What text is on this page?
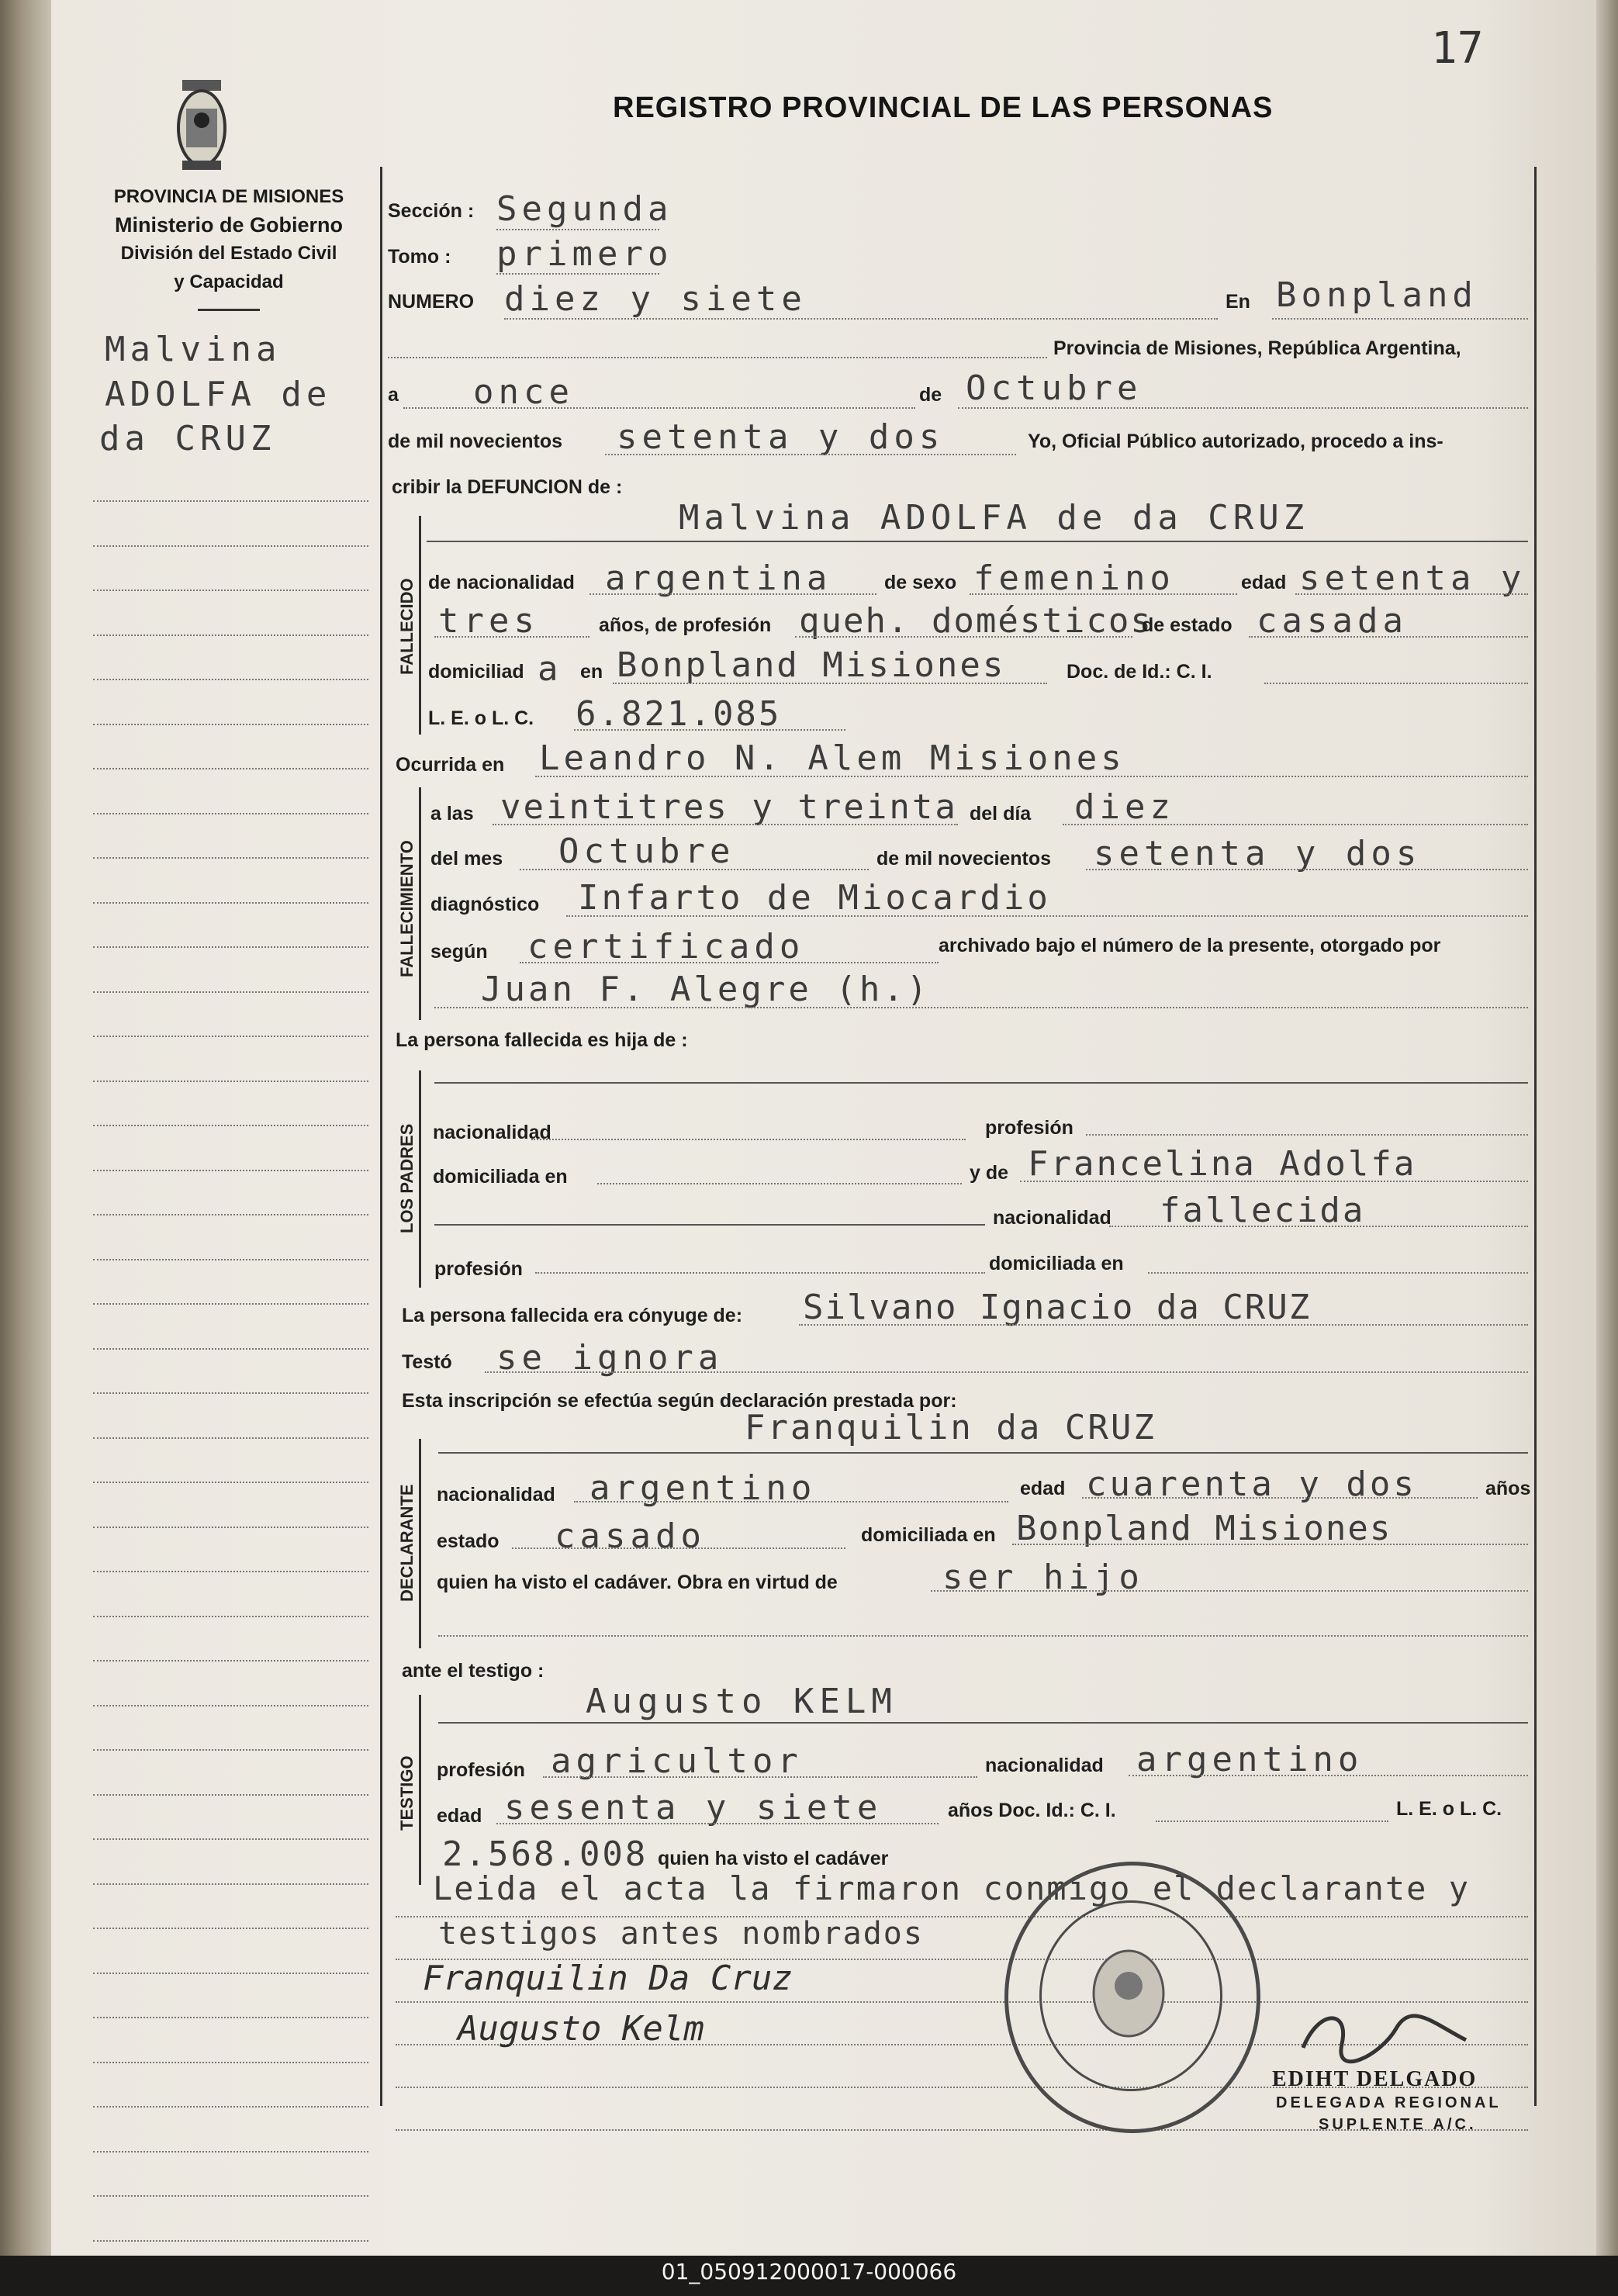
17
PROVINCIA DE MISIONES
Ministerio de Gobierno
División del Estado Civil
y Capacidad
Malvina
ADOLFA de
da CRUZ
REGISTRO PROVINCIAL DE LAS PERSONAS
Sección : Segunda
Tomo : primero
NUMERO diez y siete	En Bonpland
Provincia de Misiones, República Argentina,
a once	de Octubre
de mil novecientos setenta y dos	Yo, Oficial Público autorizado, procedo a ins-
cribir la DEFUNCION de :
FALLECIDO
Malvina ADOLFA de da CRUZ
de nacionalidad argentina	de sexo femenino	edad setenta y
tres	años, de profesión queh. domésticos
de estado casada
domiciliad a en Bonpland Misiones	Doc. de Id.: C. I.
L. E. o L. C. 6.821.085
Ocurrida en Leandro N. Alem Misiones
FALLECIMIENTO
a las veintitres y treinta del día diez
del mes Octubre	de mil novecientos setenta y dos
diagnóstico Infarto de Miocardio
según certificado	archivado bajo el número de la presente, otorgado por
Juan F. Alegre (h.)
La persona fallecida es hija de :
LOS PADRES nacionalidad	profesión
domiciliada en	y de Francelina Adolfa
nacionalidad fallecida
profesión	domiciliada en
La persona fallecida era cónyuge de: Silvano Ignacio da CRUZ
Testó se ignora
Esta inscripción se efectúa según declaración prestada por:
DECLARANTE
Franquilin da CRUZ
nacionalidad argentino	edad cuarenta y dos	años
estado casado	domiciliada en Bonpland Misiones
quien ha visto el cadáver. Obra en virtud de	ser hijo
ante el testigo :
TESTIGO
Augusto KELM
profesión agricultor	nacionalidad argentino
edad sesenta y siete	años Doc. Id.: C. I.	L. E. o L. C.
2.568.008 quien ha visto el cadáver
Leida el acta la firmaron conmigo el declarante y
testigos antes nombrados
Franquilin Da Cruz
Augusto Kelm
EDIHT DELGADO
DELEGADA REGIONAL
SUPLENTE A/C.
01_050912000017-000066
